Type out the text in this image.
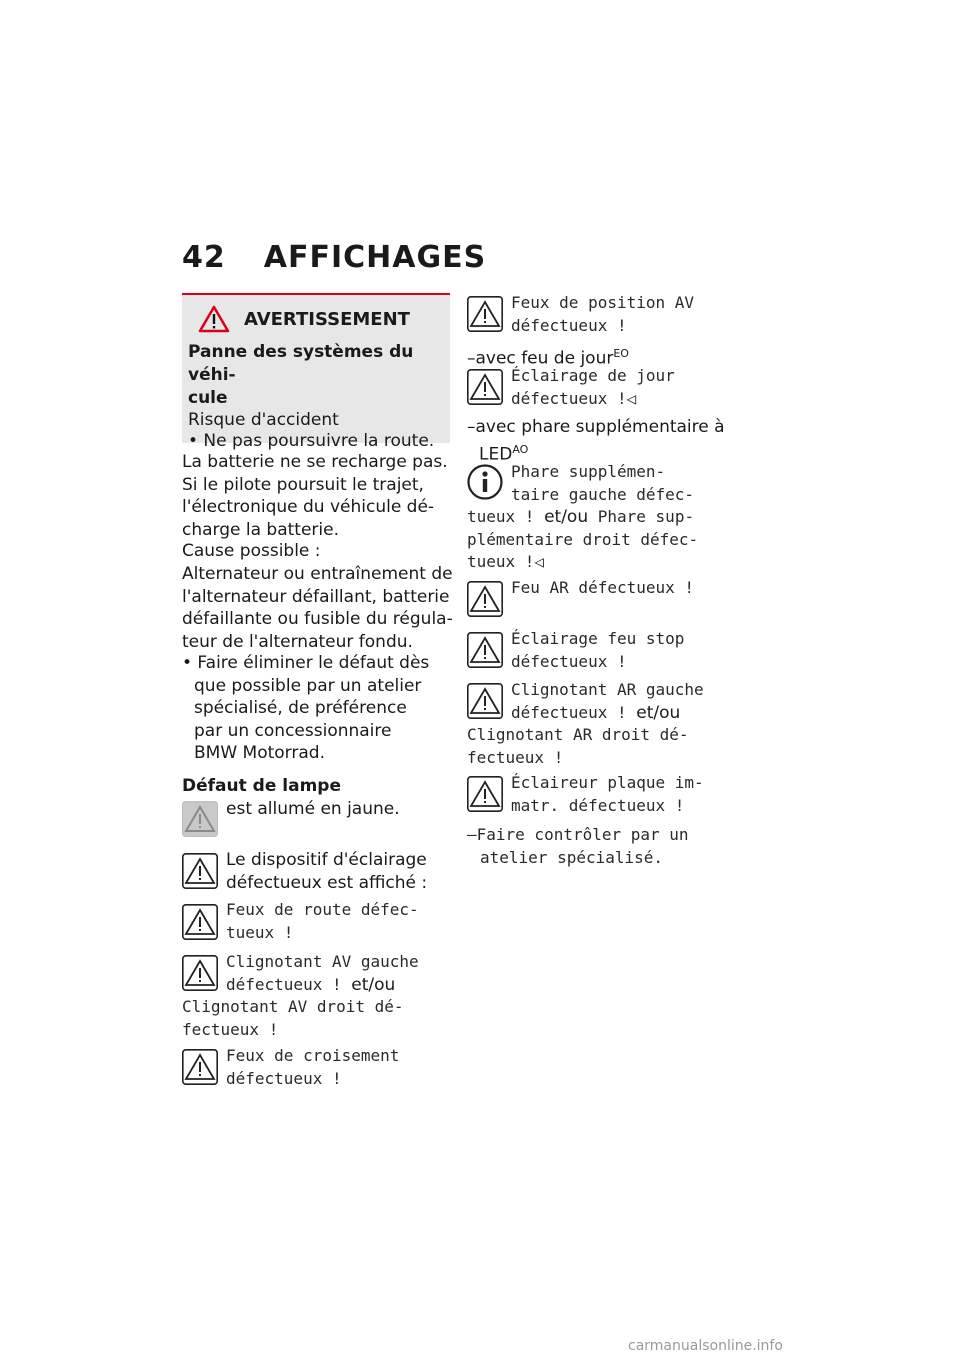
42 AFFICHAGES
AVERTISSEMENT
Panne des systèmes du véhi-
cule
Risque d'accident
• Ne pas poursuivre la route.
La batterie ne se recharge pas.
Si le pilote poursuit le trajet,
l'électronique du véhicule dé-
charge la batterie.
Cause possible :
Alternateur ou entraînement de
l'alternateur défaillant, batterie
défaillante ou fusible du régula-
teur de l'alternateur fondu.
• Faire éliminer le défaut dès
que possible par un atelier
spécialisé, de préférence
par un concessionnaire
BMW Motorrad.
Défaut de lampe
est allumé en jaune.
Le dispositif d'éclairage
défectueux est affiché :
Feux de route défec-
tueux !
Clignotant AV gauche
défectueux ! et/ou
Clignotant AV droit dé-
fectueux !
Feux de croisement
défectueux !
Feux de position AV
défectueux !
–avec feu de jour$^{EO}$
Éclairage de jour
défectueux !◁
–avec phare supplémentaire à
$LED^{AO}$
Phare supplémen-
taire gauche défec-
tueux ! et/ou Phare sup-
plémentaire droit défec-
tueux !◁
Feu AR défectueux !
Éclairage feu stop
défectueux !
Clignotant AR gauche
défectueux ! et/ou
Clignotant AR droit dé-
fectueux !
Éclaireur plaque im-
matr. défectueux !
–Faire contrôler par un
atelier spécialisé.
carmanualsonline.info
